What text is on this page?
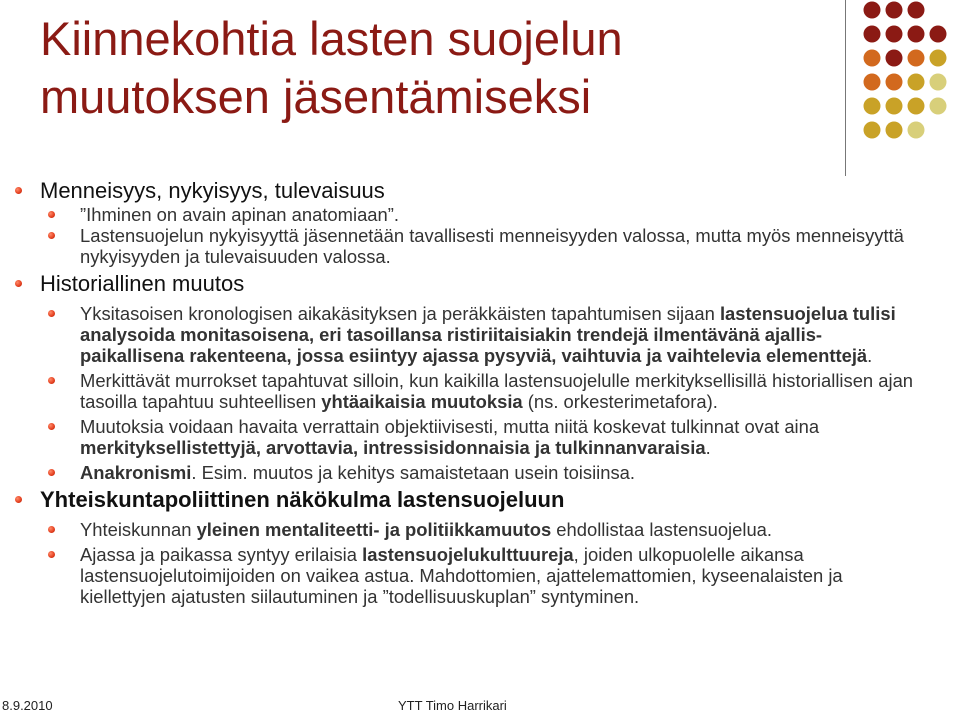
Kiinnekohtia lasten suojelun muutoksen jäsentämiseksi
Menneisyys, nykyisyys, tulevaisuus
”Ihminen on avain apinan anatomiaan”.
Lastensuojelun nykyisyyttä jäsennetään tavallisesti menneisyyden valossa, mutta myös menneisyyttä nykyisyyden ja tulevaisuuden valossa.
Historiallinen muutos
Yksitasoisen kronologisen aikakäsityksen ja peräkkäisten tapahtumisen sijaan lastensuojelua tulisi analysoida monitasoisena, eri tasoillansa ristiriitaisiakin trendejä ilmentävänä ajallis-paikallisena rakenteena, jossa esiintyy ajassa pysyviä, vaihtuvia ja vaihtelevia elementtejä.
Merkittävät murrokset tapahtuvat silloin, kun kaikilla lastensuojelulle merkityksellisillä historiallisen ajan tasoilla tapahtuu suhteellisen yhtäaikaisia muutoksia (ns. orkesterimetafora).
Muutoksia voidaan havaita verrattain objektiivisesti, mutta niitä koskevat tulkinnat ovat aina merkityksellistettyjä, arvottavia, intressisidonnaisia ja tulkinnanvaraisia.
Anakronismi. Esim. muutos ja kehitys samaistetaan usein toisiinsa.
Yhteiskuntapoliittinen näkökulma lastensuojeluun
Yhteiskunnan yleinen mentaliteetti- ja politiikkamuutos ehdollistaa lastensuojelua.
Ajassa ja paikassa syntyy erilaisia lastensuojelukulttuureja, joiden ulkopuolelle aikansa lastensuojelutoimijoiden on vaikea astua. Mahdottomien, ajattelemattomien, kyseenalaisten ja kiellettyjen ajatusten siilautuminen ja ”todellisuuskuplan” syntyminen.
8.9.2010	YTT Timo Harrikari
